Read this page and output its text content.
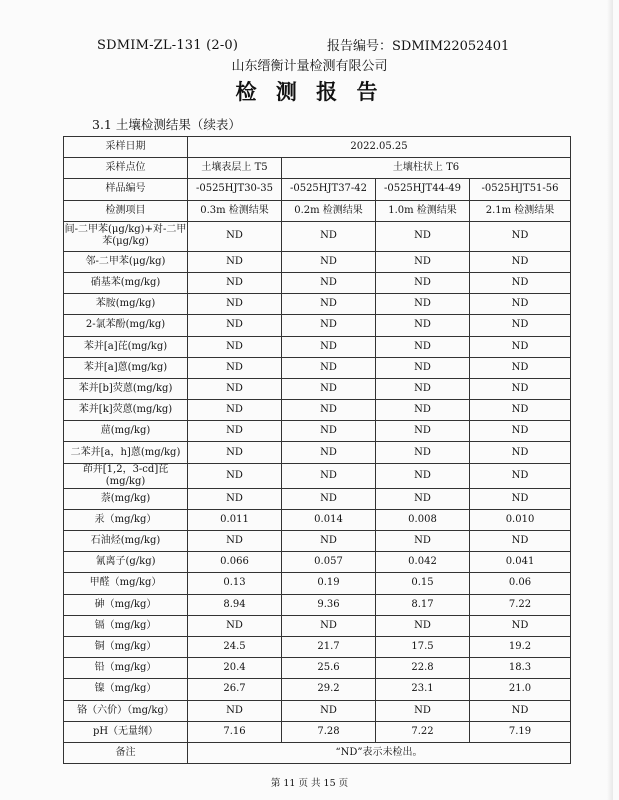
SDMIM-ZL-131 (2-0)	报告编号：SDMIM22052401
山东缙衡计量检测有限公司
检 测 报 告
3.1 土壤检测结果（续表）
采样日期	2022.05.25			
采样点位	土壤表层上 T5	土壤柱状上 T6		
样品编号	-0525HJT30-35	-0525HJT37-42	-0525HJT44-49	-0525HJT51-56
检测项目	0.3m 检测结果	0.2m 检测结果	1.0m 检测结果	2.1m 检测结果
间-二甲苯(μg/kg)+对-二甲苯(μg/kg)	ND	ND	ND	ND
邻-二甲苯(μg/kg)	ND	ND	ND	ND
硝基苯(mg/kg)	ND	ND	ND	ND
苯胺(mg/kg)	ND	ND	ND	ND
2-氯苯酚(mg/kg)	ND	ND	ND	ND
苯并[a]芘(mg/kg)	ND	ND	ND	ND
苯并[a]蒽(mg/kg)	ND	ND	ND	ND
苯并[b]荧蒽(mg/kg)	ND	ND	ND	ND
苯并[k]荧蒽(mg/kg)	ND	ND	ND	ND
䓛(mg/kg)	ND	ND	ND	ND
二苯并[a，h]蒽(mg/kg)	ND	ND	ND	ND
茚并[1,2，3-cd]芘(mg/kg)	ND	ND	ND	ND
萘(mg/kg)	ND	ND	ND	ND
汞（mg/kg）	0.011	0.014	0.008	0.010
石油烃(mg/kg)	ND	ND	ND	ND
氰离子(g/kg)	0.066	0.057	0.042	0.041
甲醛（mg/kg）	0.13	0.19	0.15	0.06
砷（mg/kg）	8.94	9.36	8.17	7.22
镉（mg/kg）	ND	ND	ND	ND
铜（mg/kg）	24.5	21.7	17.5	19.2
铅（mg/kg）	20.4	25.6	22.8	18.3
镍（mg/kg）	26.7	29.2	23.1	21.0
铬（六价）（mg/kg）	ND	ND	ND	ND
pH（无量纲）	7.16	7.28	7.22	7.19
备注	“ND”表示未检出。			
第 11 页 共 15 页
